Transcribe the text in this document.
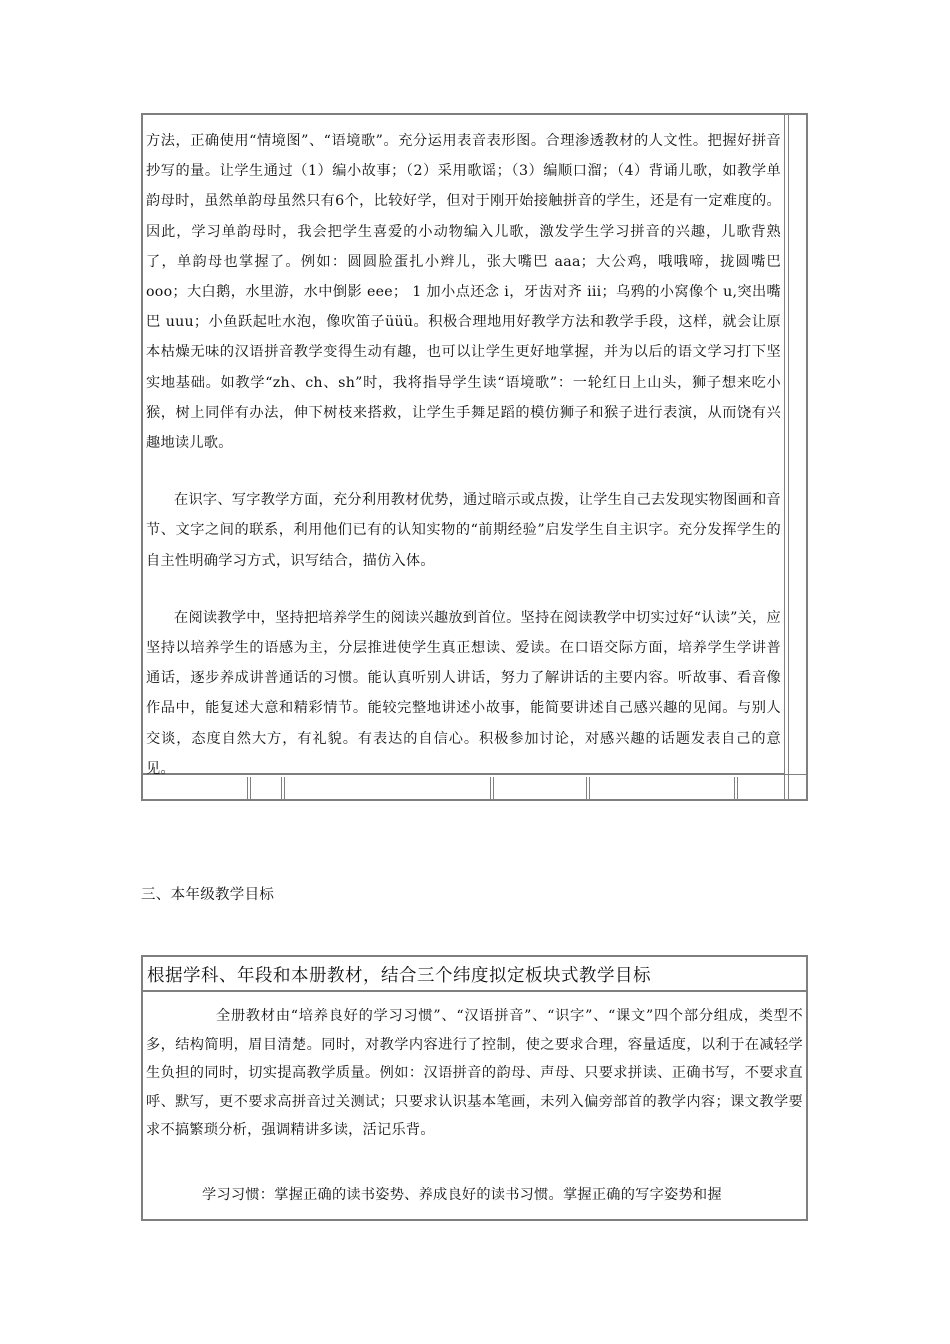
方法，正确使用“情境图”、“语境歌”。充分运用表音表形图。合理渗透教材的人文性。把握好拼音抄写的量。让学生通过（1）编小故事；（2）采用歌谣；（3）编顺口溜；（4）背诵儿歌，如教学单韵母时，虽然单韵母虽然只有6个，比较好学，但对于刚开始接触拼音的学生，还是有一定难度的。因此，学习单韵母时，我会把学生喜爱的小动物编入儿歌，激发学生学习拼音的兴趣，儿歌背熟了，单韵母也掌握了。例如：圆圆脸蛋扎小辫儿，张大嘴巴 aaa；大公鸡，哦哦啼，拢圆嘴巴 ooo；大白鹅，水里游，水中倒影 eee； 1 加小点还念 i，牙齿对齐 iii；乌鸦的小窝像个 u,突出嘴巴 uuu；小鱼跃起吐水泡，像吹笛子üüü。积极合理地用好教学方法和教学手段，这样，就会让原本枯燥无味的汉语拼音教学变得生动有趣，也可以让学生更好地掌握，并为以后的语文学习打下坚实地基础。如教学“zh、ch、sh”时，我将指导学生读“语境歌”：一轮红日上山头，狮子想来吃小猴，树上同伴有办法，伸下树枝来搭救，让学生手舞足蹈的模仿狮子和猴子进行表演，从而饶有兴趣地读儿歌。

在识字、写字教学方面，充分利用教材优势，通过暗示或点拨，让学生自己去发现实物图画和音节、文字之间的联系，利用他们已有的认知实物的“前期经验”启发学生自主识字。充分发挥学生的自主性明确学习方式，识写结合，描仿入体。

在阅读教学中，坚持把培养学生的阅读兴趣放到首位。坚持在阅读教学中切实过好“认读”关，应坚持以培养学生的语感为主，分层推进使学生真正想读、爱读。在口语交际方面，培养学生学讲普通话，逐步养成讲普通话的习惯。能认真听别人讲话，努力了解讲话的主要内容。听故事、看音像作品中，能复述大意和精彩情节。能较完整地讲述小故事，能简要讲述自己感兴趣的见闻。与别人交谈，态度自然大方，有礼貌。有表达的自信心。积极参加讨论，对感兴趣的话题发表自己的意见。

三、本年级教学目标
根据学科、年段和本册教材，结合三个纬度拟定板块式教学目标

全册教材由“培养良好的学习习惯”、“汉语拼音”、“识字”、“课文”四个部分组成，类型不多，结构简明，眉目清楚。同时，对教学内容进行了控制，使之要求合理，容量适度，以利于在减轻学生负担的同时，切实提高教学质量。例如：汉语拼音的韵母、声母、只要求拼读、正确书写，不要求直呼、默写，更不要求高拼音过关测试；只要求认识基本笔画，未列入偏旁部首的教学内容；课文教学要求不搞繁琐分析，强调精讲多读，活记乐背。

学习习惯：掌握正确的读书姿势、养成良好的读书习惯。掌握正确的写字姿势和握
